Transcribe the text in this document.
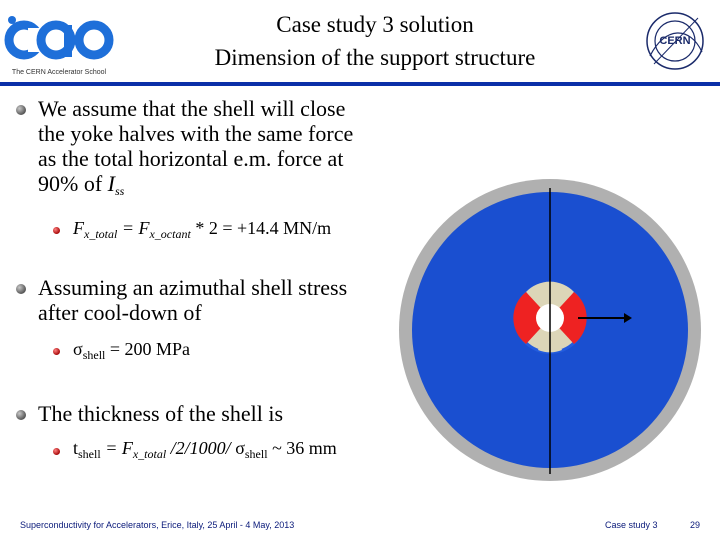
The CERN Accelerator School
Case study 3 solution
Dimension of the support structure
CERN
We assume that the shell will close
the yoke halves with the same force
as the total horizontal e.m. force at
90% of $I_{ss}$
$F_{x\_total} = F_{x\_octant} * 2 = +14.4$ MN/m
Assuming an azimuthal shell stress
after cool-down of
$\sigma_{shell} = 200$ MPa
The thickness of the shell is
$t_{shell} = F_{x\_total}$ /2/1000/ $\sigma_{shell}$ ~ 36 mm
Superconductivity for Accelerators, Erice, Italy, 25 April - 4 May, 2013	Case study 3	29
